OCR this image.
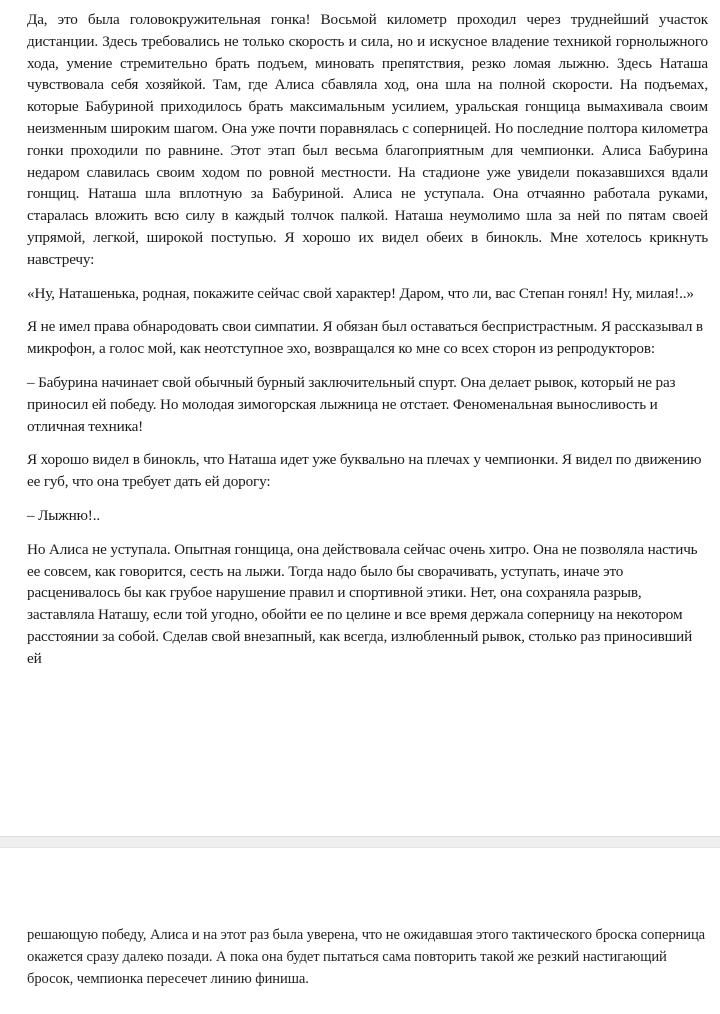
Да, это была головокружительная гонка! Восьмой километр проходил через труднейший участок дистанции. Здесь требовались не только скорость и сила, но и искусное владение техникой горнолыжного хода, умение стремительно брать подъем, миновать препятствия, резко ломая лыжню. Здесь Наташа чувствовала себя хозяйкой. Там, где Алиса сбавляла ход, она шла на полной скорости. На подъемах, которые Бабуриной приходилось брать максимальным усилием, уральская гонщица вымахивала своим неизменным широким шагом. Она уже почти поравнялась с соперницей. Но последние полтора километра гонки проходили по равнине. Этот этап был весьма благоприятным для чемпионки. Алиса Бабурина недаром славилась своим ходом по ровной местности. На стадионе уже увидели показавшихся вдали гонщиц. Наташа шла вплотную за Бабуриной. Алиса не уступала. Она отчаянно работала руками, старалась вложить всю силу в каждый толчок палкой. Наташа неумолимо шла за ней по пятам своей упрямой, легкой, широкой поступью. Я хорошо их видел обеих в бинокль. Мне хотелось крикнуть навстречу:

«Ну, Наташенька, родная, покажите сейчас свой характер! Даром, что ли, вас Степан гонял! Ну, милая!..»

Я не имел права обнародовать свои симпатии. Я обязан был оставаться беспристрастным. Я рассказывал в микрофон, а голос мой, как неотступное эхо, возвращался ко мне со всех сторон из репродукторов:

– Бабурина начинает свой обычный бурный заключительный спурт. Она делает рывок, который не раз приносил ей победу. Но молодая зимогорская лыжница не отстает. Феноменальная выносливость и отличная техника!

Я хорошо видел в бинокль, что Наташа идет уже буквально на плечах у чемпионки. Я видел по движению ее губ, что она требует дать ей дорогу:

– Лыжню!..

Но Алиса не уступала. Опытная гонщица, она действовала сейчас очень хитро. Она не позволяла настичь ее совсем, как говорится, сесть на лыжи. Тогда надо было бы сворачивать, уступать, иначе это расценивалось бы как грубое нарушение правил и спортивной этики. Нет, она сохраняла разрыв, заставляла Наташу, если той угодно, обойти ее по целине и все время держала соперницу на некотором расстоянии за собой. Сделав свой внезапный, как всегда, излюбленный рывок, столько раз приносивший ей

решающую победу, Алиса и на этот раз была уверена, что не ожидавшая этого тактического броска соперница окажется сразу далеко позади. А пока она будет пытаться сама повторить такой же резкий настигающий бросок, чемпионка пересечет линию финиша.
